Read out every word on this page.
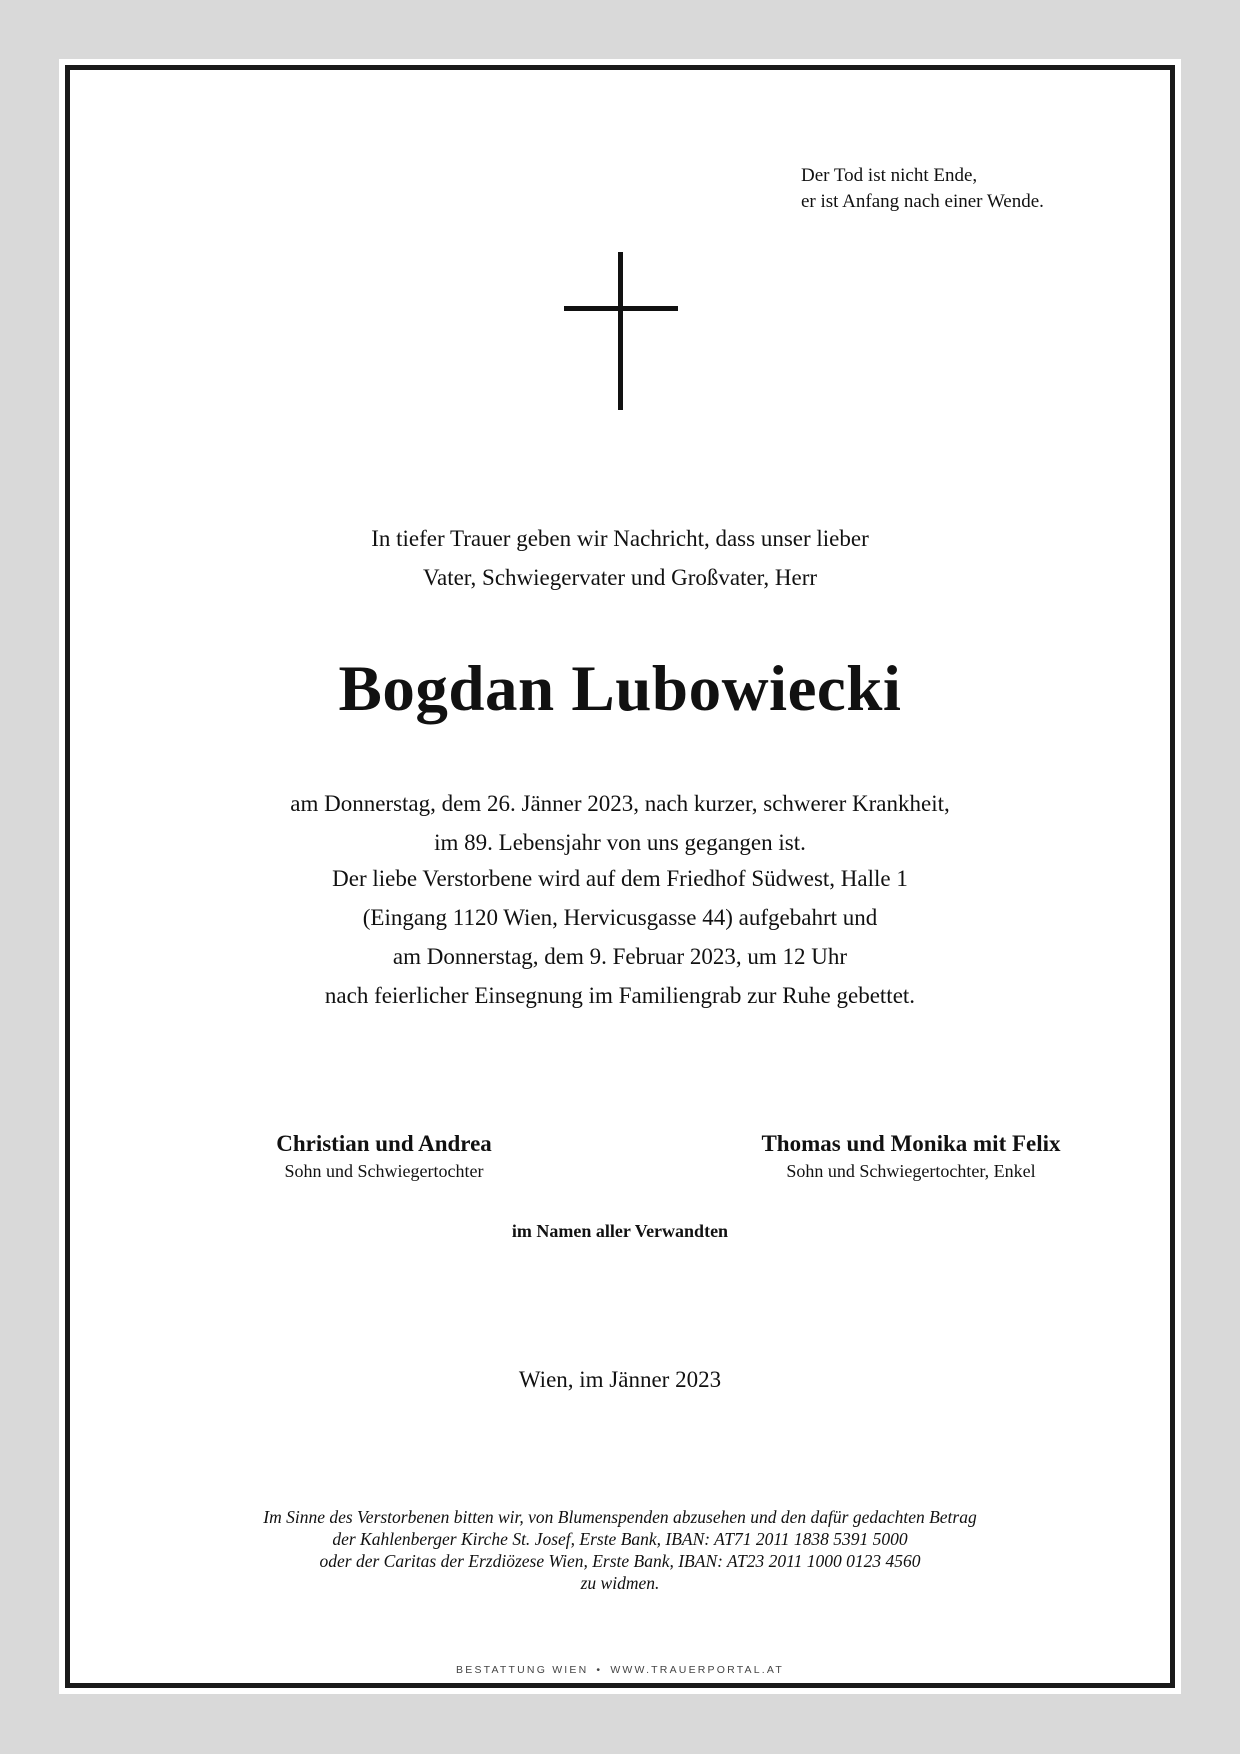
Der Tod ist nicht Ende,
er ist Anfang nach einer Wende.
In tiefer Trauer geben wir Nachricht, dass unser lieber
Vater, Schwiegervater und Großvater, Herr
Bogdan Lubowiecki
am Donnerstag, dem 26. Jänner 2023, nach kurzer, schwerer Krankheit,
im 89. Lebensjahr von uns gegangen ist.
Der liebe Verstorbene wird auf dem Friedhof Südwest, Halle 1
(Eingang 1120 Wien, Hervicusgasse 44) aufgebahrt und
am Donnerstag, dem 9. Februar 2023, um 12 Uhr
nach feierlicher Einsegnung im Familiengrab zur Ruhe gebettet.
Christian und Andrea
Sohn und Schwiegertochter
Thomas und Monika mit Felix
Sohn und Schwiegertochter, Enkel
im Namen aller Verwandten
Wien, im Jänner 2023
Im Sinne des Verstorbenen bitten wir, von Blumenspenden abzusehen und den dafür gedachten Betrag
der Kahlenberger Kirche St. Josef, Erste Bank, IBAN: AT71 2011 1838 5391 5000
oder der Caritas der Erzdiözese Wien, Erste Bank, IBAN: AT23 2011 1000 0123 4560
zu widmen.
BESTATTUNG WIEN • WWW.TRAUERPORTAL.AT
